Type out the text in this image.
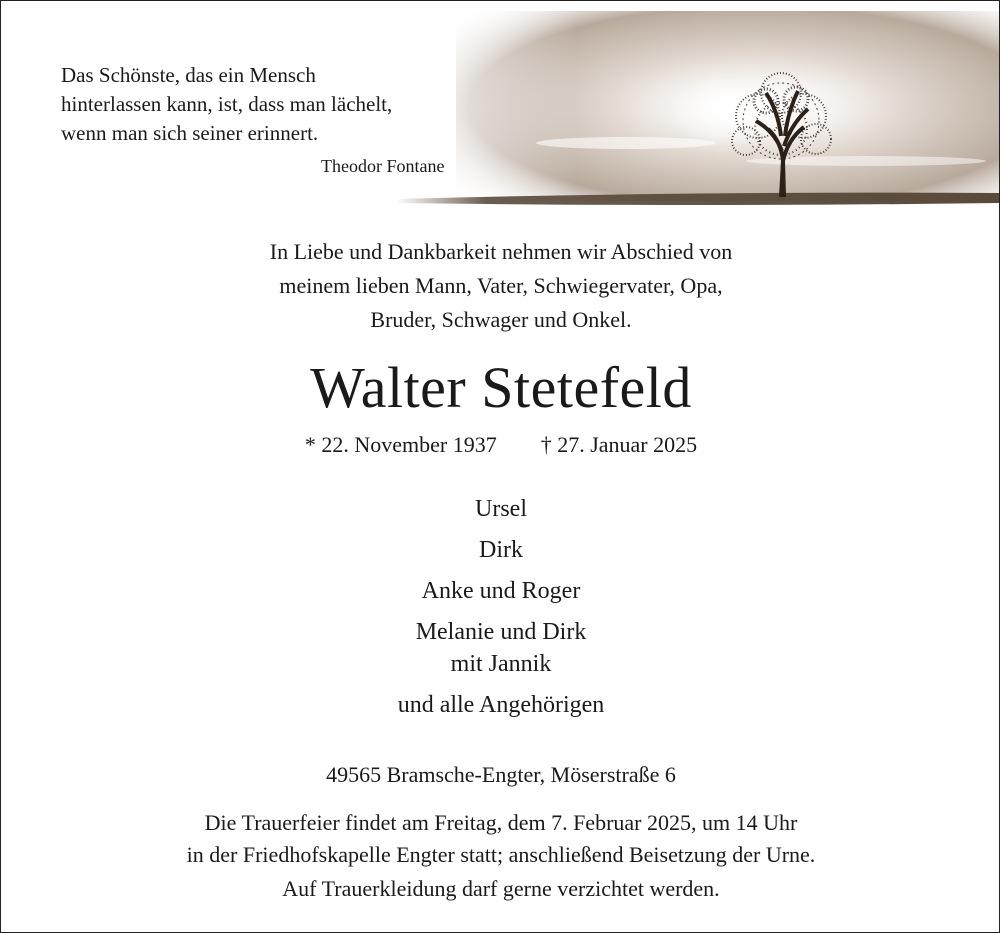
Das Schönste, das ein Mensch
hinterlassen kann, ist, dass man lächelt,
wenn man sich seiner erinnert.
Theodor Fontane
In Liebe und Dankbarkeit nehmen wir Abschied von
meinem lieben Mann, Vater, Schwiegervater, Opa,
Bruder, Schwager und Onkel.
Walter Stetefeld
* 22. November 1937 † 27. Januar 2025
Ursel
Dirk
Anke und Roger
Melanie und Dirk
mit Jannik
und alle Angehörigen
49565 Bramsche-Engter, Möserstraße 6
Die Trauerfeier findet am Freitag, dem 7. Februar 2025, um 14 Uhr
in der Friedhofskapelle Engter statt; anschließend Beisetzung der Urne.
Auf Trauerkleidung darf gerne verzichtet werden.
